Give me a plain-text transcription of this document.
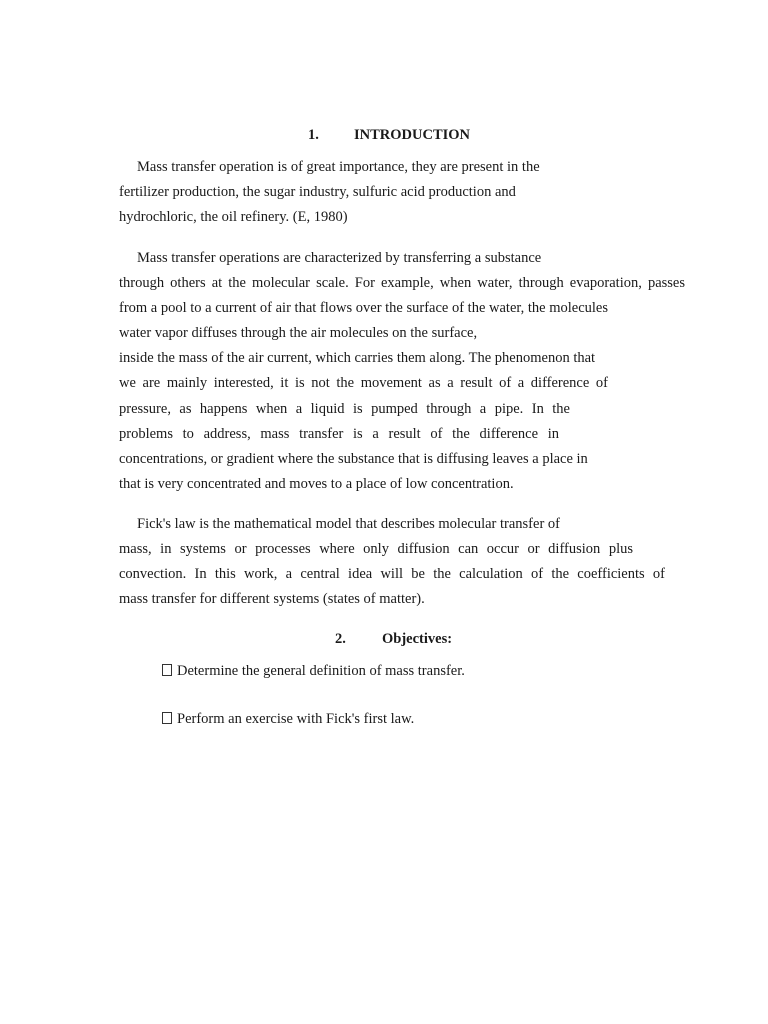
1. INTRODUCTION
Mass transfer operation is of great importance, they are present in the
fertilizer production, the sugar industry, sulfuric acid production and
hydrochloric, the oil refinery. (E, 1980)
Mass transfer operations are characterized by transferring a substance
through others at the molecular scale. For example, when water, through evaporation, passes
from a pool to a current of air that flows over the surface of the water, the molecules
water vapor diffuses through the air molecules on the surface,
inside the mass of the air current, which carries them along. The phenomenon that
we are mainly interested, it is not the movement as a result of a difference of
pressure, as happens when a liquid is pumped through a pipe. In the
problems to address, mass transfer is a result of the difference in
concentrations, or gradient where the substance that is diffusing leaves a place in
that is very concentrated and moves to a place of low concentration.
Fick's law is the mathematical model that describes molecular transfer of
mass, in systems or processes where only diffusion can occur or diffusion plus
convection. In this work, a central idea will be the calculation of the coefficients of
mass transfer for different systems (states of matter).
2. Objectives:
Determine the general definition of mass transfer.
Perform an exercise with Fick's first law.
